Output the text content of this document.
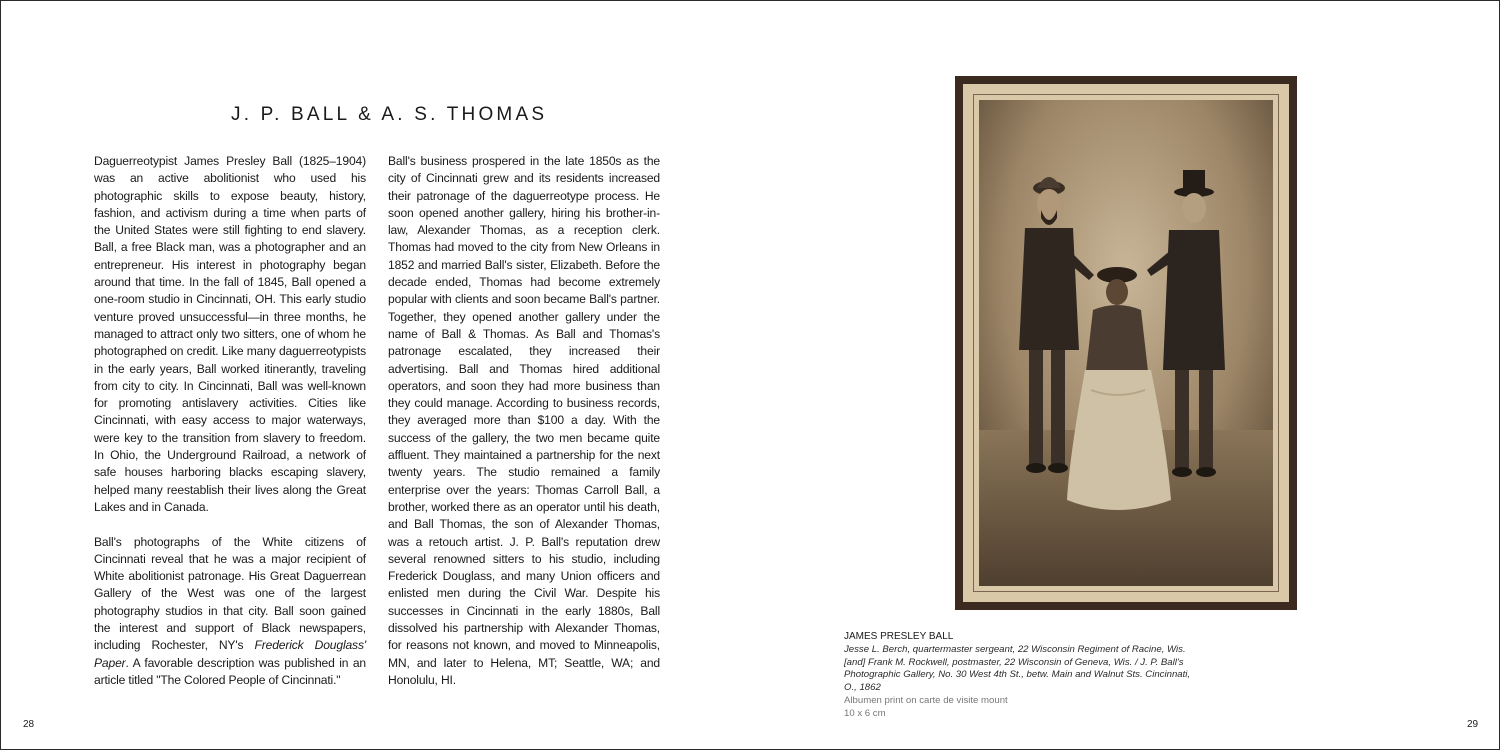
J. P. BALL & A. S. THOMAS

Daguerreotypist James Presley Ball (1825–1904) was an active abolitionist who used his photographic skills to expose beauty, history, fashion, and activism during a time when parts of the United States were still fighting to end slavery. Ball, a free Black man, was a photographer and an entrepreneur. His interest in photography began around that time. In the fall of 1845, Ball opened a one-room studio in Cincinnati, OH. This early studio venture proved unsuccessful—in three months, he managed to attract only two sitters, one of whom he photographed on credit. Like many daguerreotypists in the early years, Ball worked itinerantly, traveling from city to city. In Cincinnati, Ball was well-known for promoting antislavery activities. Cities like Cincinnati, with easy access to major waterways, were key to the transition from slavery to freedom. In Ohio, the Underground Railroad, a network of safe houses harboring blacks escaping slavery, helped many reestablish their lives along the Great Lakes and in Canada.

Ball's photographs of the White citizens of Cincinnati reveal that he was a major recipient of White abolitionist patronage. His Great Daguerrean Gallery of the West was one of the largest photography studios in that city. Ball soon gained the interest and support of Black newspapers, including Rochester, NY's Frederick Douglass' Paper. A favorable description was published in an article titled "The Colored People of Cincinnati."

Ball's business prospered in the late 1850s as the city of Cincinnati grew and its residents increased their patronage of the daguerreotype process. He soon opened another gallery, hiring his brother-in-law, Alexander Thomas, as a reception clerk. Thomas had moved to the city from New Orleans in 1852 and married Ball's sister, Elizabeth. Before the decade ended, Thomas had become extremely popular with clients and soon became Ball's partner. Together, they opened another gallery under the name of Ball & Thomas. As Ball and Thomas's patronage escalated, they increased their advertising. Ball and Thomas hired additional operators, and soon they had more business than they could manage. According to business records, they averaged more than $100 a day. With the success of the gallery, the two men became quite affluent. They maintained a partnership for the next twenty years. The studio remained a family enterprise over the years: Thomas Carroll Ball, a brother, worked there as an operator until his death, and Ball Thomas, the son of Alexander Thomas, was a retouch artist. J. P. Ball's reputation drew several renowned sitters to his studio, including Frederick Douglass, and many Union officers and enlisted men during the Civil War. Despite his successes in Cincinnati in the early 1880s, Ball dissolved his partnership with Alexander Thomas, for reasons not known, and moved to Minneapolis, MN, and later to Helena, MT; Seattle, WA; and Honolulu, HI.

JAMES PRESLEY BALL
Jesse L. Berch, quartermaster sergeant, 22 Wisconsin Regiment of Racine, Wis. [and] Frank M. Rockwell, postmaster, 22 Wisconsin of Geneva, Wis. / J. P. Ball's Photographic Gallery, No. 30 West 4th St., betw. Main and Walnut Sts. Cincinnati, O., 1862
Albumen print on carte de visite mount
10 x 6 cm
28	29
